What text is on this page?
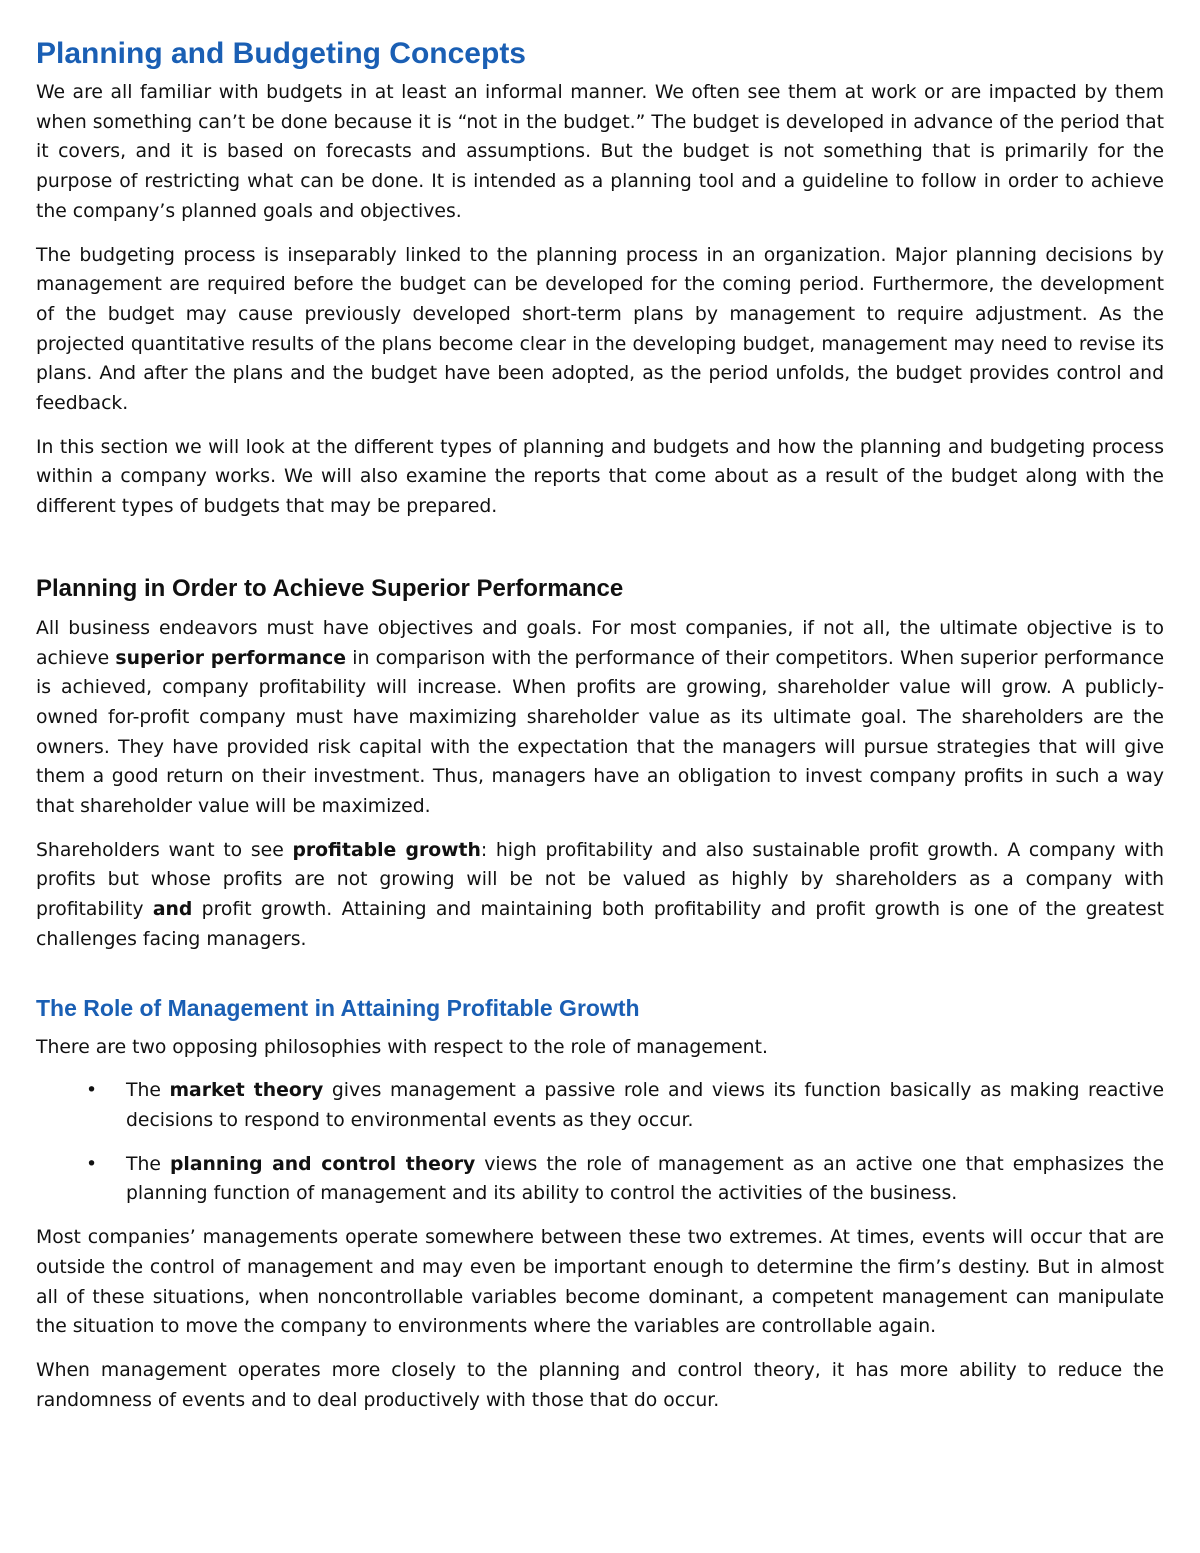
Planning and Budgeting Concepts

We are all familiar with budgets in at least an informal manner. We often see them at work or are impacted by them when something can’t be done because it is “not in the budget.” The budget is developed in advance of the period that it covers, and it is based on forecasts and assumptions. But the budget is not something that is primarily for the purpose of restricting what can be done. It is intended as a planning tool and a guideline to follow in order to achieve the company’s planned goals and objectives.

The budgeting process is inseparably linked to the planning process in an organization. Major planning decisions by management are required before the budget can be developed for the coming period. Furthermore, the development of the budget may cause previously developed short-term plans by management to require adjustment. As the projected quantitative results of the plans become clear in the developing budget, management may need to revise its plans. And after the plans and the budget have been adopted, as the period unfolds, the budget provides control and feedback.

In this section we will look at the different types of planning and budgets and how the planning and budgeting process within a company works. We will also examine the reports that come about as a result of the budget along with the different types of budgets that may be prepared.

Planning in Order to Achieve Superior Performance

All business endeavors must have objectives and goals. For most companies, if not all, the ultimate objective is to achieve superior performance in comparison with the performance of their competitors. When superior performance is achieved, company profitability will increase. When profits are growing, shareholder value will grow. A publicly-owned for-profit company must have maximizing shareholder value as its ultimate goal. The shareholders are the owners. They have provided risk capital with the expectation that the managers will pursue strategies that will give them a good return on their investment. Thus, managers have an obligation to invest company profits in such a way that shareholder value will be maximized.

Shareholders want to see profitable growth: high profitability and also sustainable profit growth. A company with profits but whose profits are not growing will be not be valued as highly by shareholders as a company with profitability and profit growth. Attaining and maintaining both profitability and profit growth is one of the greatest challenges facing managers.

The Role of Management in Attaining Profitable Growth

There are two opposing philosophies with respect to the role of management.

• The market theory gives management a passive role and views its function basically as making reactive decisions to respond to environmental events as they occur.
• The planning and control theory views the role of management as an active one that emphasizes the planning function of management and its ability to control the activities of the business.

Most companies’ managements operate somewhere between these two extremes. At times, events will occur that are outside the control of management and may even be important enough to determine the firm’s destiny. But in almost all of these situations, when noncontrollable variables become dominant, a competent management can manipulate the situation to move the company to environments where the variables are controllable again.

When management operates more closely to the planning and control theory, it has more ability to reduce the randomness of events and to deal productively with those that do occur.
